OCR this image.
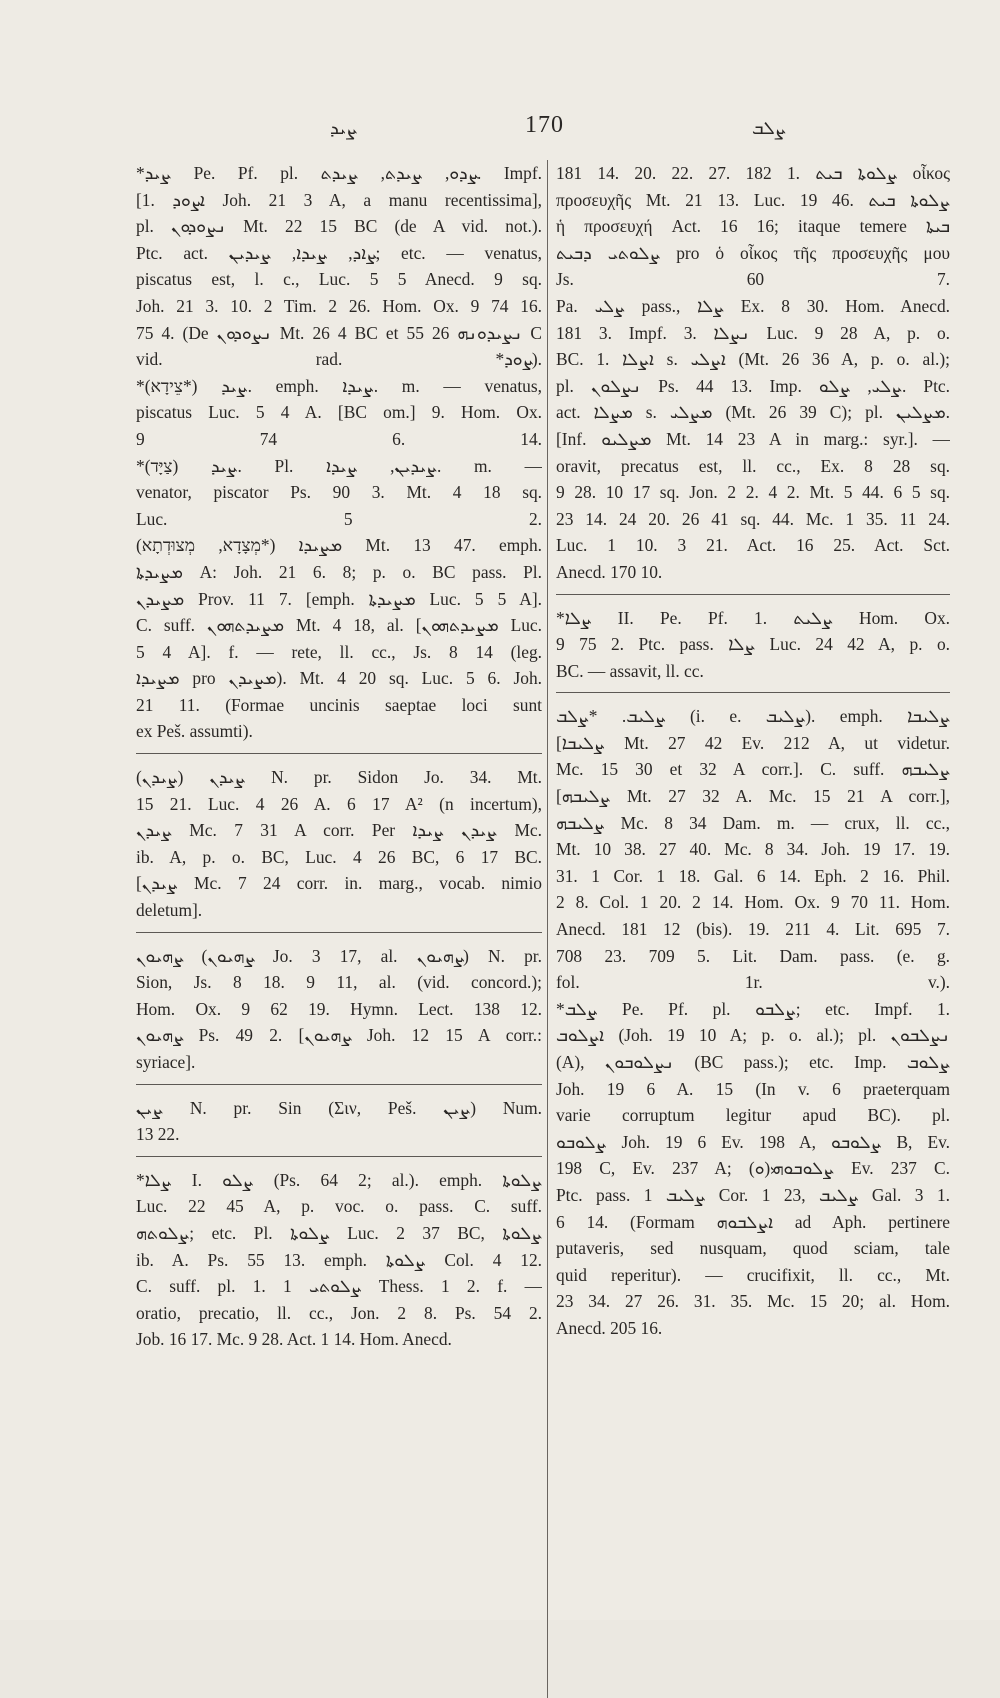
ܨܝܕ	170	ܨܠܒ
*ܨܝܕ Pe. Pf. pl. ܨܕܘ, ܨܝܕܬ, ܨܝܕܬ. Impf.
[1. ܐܨܘܕ Joh. 21 3 A, a manu recentissima],
pl. ܢܨܘܕܘܢ Mt. 22 15 BC (de A vid. not.).
Ptc. act. ܨܐܕ, ܨܝܕܐ, ܨܝܕܝܢ; etc. — venatus,
piscatus est, l. c., Luc. 5 5 Anecd. 9 sq.
Joh. 21 3. 10. 2 Tim. 2 26. Hom. Ox. 9 74 16.
75 4. (De ܢܨܘܕܘܢ Mt. 26 4 BC et ܢܨܝܕܘܢܗ 26 55 C
vid. rad. *ܨܘܕ).
*ܨܝܕ (*צֵידָא). emph. ܨܝܕܐ. m. — venatus,
piscatus Luc. 5 4 A. [BC om.] 9. Hom. Ox.
9 74 6. 14.
*ܨܝܕ (צַיָּד). Pl. ܨܝܕܝܢ, ܨܝܕܐ. m. —
venator, piscator Ps. 90 3. Mt. 4 18 sq.
Luc. 5 2.
ܡܨܝܕܐ (*מְצָדָא, מְצוּדְתָא) Mt. 13 47. emph.
ܡܨܝܕܬܐ A: Joh. 21 6. 8; p. o. BC pass. Pl.
ܡܨܝܕܢ Prov. 11 7. [emph. ܡܨܝܕܬܐ Luc. 5 5 A].
C. suff. ܡܨܝܕܬܗܘܢ Mt. 4 18, al. [ܡܨܝܕܬܗܘܢ Luc.
5 4 A]. f. — rete, ll. cc., Js. 8 14 (leg.
ܡܨܝܕܐ pro ܡܨܝܕܢ). Mt. 4 20 sq. Luc. 5 6. Joh.
21 11. (Formae uncinis saeptae loci sunt
ex Peš. assumti).
ܨܝܕܢ (ܨܝܕܢ) N. pr. Sidon Jo. 34. Mt.
15 21. Luc. 4 26 A. 6 17 A² (n incertum),
ܨܝܕܢ Mc. 7 31 A corr. Per ܨܝܕܢ ܨܝܕܐ Mc.
ib. A, p. o. BC, Luc. 4 26 BC, 6 17 BC.
[ܨܝܕܢ Mc. 7 24 corr. in. marg., vocab. nimio
deletum].
ܨܗܝܘܢ (ܨܗܝܘܢ Jo. 3 17, al. ܨܗܝܘܢ) N. pr.
Sion, Js. 8 18. 9 11, al. (vid. concord.);
Hom. Ox. 9 62 19. Hymn. Lect. 138 12.
ܨܗܝܘܢ Ps. 49 2. [ܨܗܝܘܢ Joh. 12 15 A corr.:
syriace].
ܨܝܢ N. pr. Sin (Σιν, Peš. ܨܝܢ) Num.
13 22.
*ܨܠܐ I. ܨܠܘ (Ps. 64 2; al.). emph. ܨܠܘܬܐ
Luc. 22 45 A, p. voc. o. pass. C. suff.
ܨܠܘܬܗ; etc. Pl. ܨܠܘܬܐ Luc. 2 37 BC, ܨܠܘܬܐ
ib. A. Ps. 55 13. emph. ܨܠܘܬܐ Col. 4 12.
C. suff. pl. 1. ܨܠܘܬܝ 1 Thess. 1 2. f. —
oratio, precatio, ll. cc., Jon. 2 8. Ps. 54 2.
Job. 16 17. Mc. 9 28. Act. 1 14. Hom. Anecd.
181 14. 20. 22. 27. 182 1. ܨܠܘܬܐ ܒܝܬ οἶκος
προσευχῆς Mt. 21 13. Luc. 19 46. ܨܠܘܬܐ ܒܝܬ
ἡ προσευχή Act. 16 16; itaque temere ܒܝܬܐ
ܨܠܘܬܝ ܕܒܝܬ pro ὁ οἶκος τῆς προσευχῆς μου
Js. 60 7.
Pa. ܨܠܝ pass., ܨܠܐ Ex. 8 30. Hom. Anecd.
181 3. Impf. 3. ܢܨܠܐ Luc. 9 28 A, p. o.
BC. 1. ܐܨܠܐ s. ܐܨܠܝ (Mt. 26 36 A, p. o. al.);
pl. ܢܨܠܘܢ Ps. 44 13. Imp. ܨܠܝ, ܨܠܘ. Ptc.
act. ܡܨܠܐ s. ܡܨܠܝ (Mt. 26 39 C); pl. ܡܨܠܝܢ.
[Inf. ܡܨܠܝܘ Mt. 14 23 A in marg.: syr.]. —
oravit, precatus est, ll. cc., Ex. 8 28 sq.
9 28. 10 17 sq. Jon. 2 2. 4 2. Mt. 5 44. 6 5 sq.
23 14. 24 20. 26 41 sq. 44. Mc. 1 35. 11 24.
Luc. 1 10. 3 21. Act. 16 25. Act. Sct.
Anecd. 170 10.
*ܨܠܐ II. Pe. Pf. 1. ܨܠܝܬ Hom. Ox.
9 75 2. Ptc. pass. ܨܠܐ Luc. 24 42 A, p. o.
BC. — assavit, ll. cc.
ܨܠܝܒ. *ܨܠܒ (i. e. ܨܠܝܒ). emph. ܨܠܝܒܐ
[ܨܠܝܒܐ Mt. 27 42 Ev. 212 A, ut videtur.
Mc. 15 30 et 32 A corr.]. C. suff. ܨܠܝܒܗ
[ܨܠܝܒܗ Mt. 27 32 A. Mc. 15 21 A corr.],
ܨܠܝܒܗ Mc. 8 34 Dam. m. — crux, ll. cc.,
Mt. 10 38. 27 40. Mc. 8 34. Joh. 19 17. 19.
31. 1 Cor. 1 18. Gal. 6 14. Eph. 2 16. Phil.
2 8. Col. 1 20. 2 14. Hom. Ox. 9 70 11. Hom.
Anecd. 181 12 (bis). 19. 211 4. Lit. 695 7.
708 23. 709 5. Lit. Dam. pass. (e. g.
fol. 1r. v.).
*ܨܠܒ Pe. Pf. pl. ܨܠܒܘ; etc. Impf. 1.
ܐܨܠܘܒ (Joh. 19 10 A; p. o. al.); pl. ܢܨܠܒܘܢ
(A), ܢܨܠܘܒܘܢ (BC pass.); etc. Imp. ܨܠܘܒ
Joh. 19 6 A. 15 (In v. 6 praeterquam
varie corruptum legitur apud BC). pl.
ܨܠܘܒܘ Joh. 19 6 Ev. 198 A, ܨܠܘܒܘ B, Ev.
198 C, Ev. 237 A; ܨܠܘܒܘܗܝ(ܘ) Ev. 237 C.
Ptc. pass. ܨܠܝܒ 1 Cor. 1 23, ܨܠܝܒ Gal. 3 1.
6 14. (Formam ܐܨܠܒܘܗ ad Aph. pertinere
putaveris, sed nusquam, quod sciam, tale
quid reperitur). — crucifixit, ll. cc., Mt.
23 34. 27 26. 31. 35. Mc. 15 20; al. Hom.
Anecd. 205 16.
